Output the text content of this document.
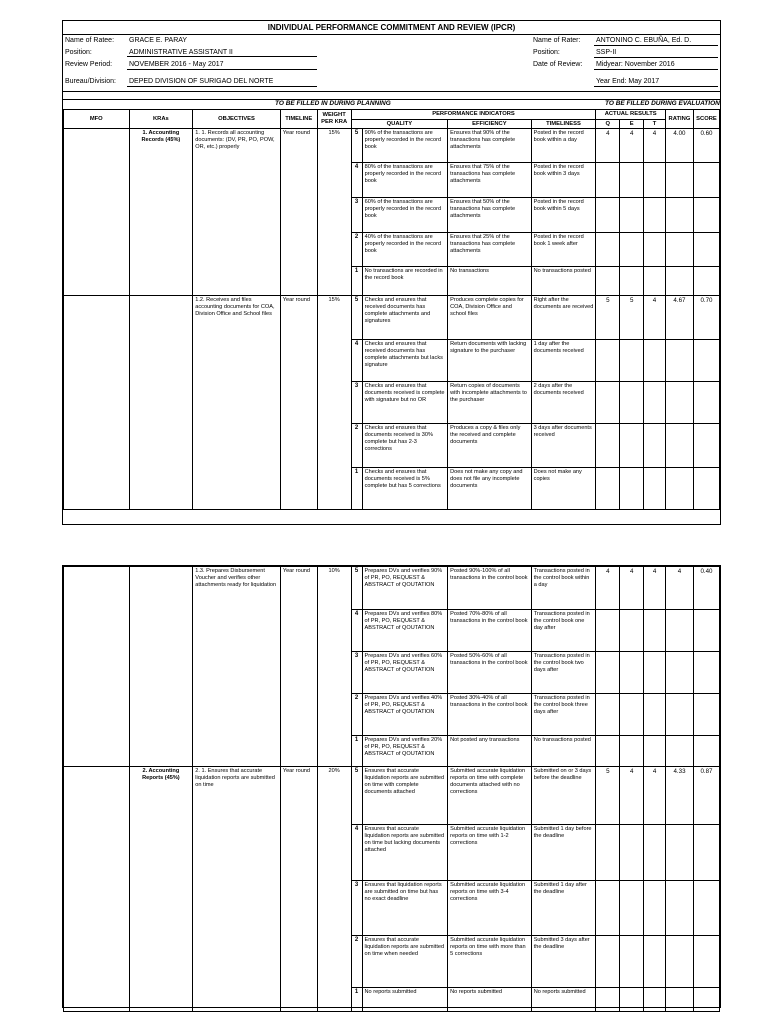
INDIVIDUAL PERFORMANCE COMMITMENT AND REVIEW (IPCR)
Name of Ratee: GRACE E. PARAY
Position:	ADMINISTRATIVE ASSISTANT II
Review Period: NOVEMBER 2016 - May 2017
Bureau/Division: DEPED DIVISION OF SURIGAO DEL NORTE
Name of Rater: ANTONINO C. EBUÑA, Ed. D.
Position:	SSP-II
Date of Review: Midyear: November 2016
Year End: May 2017
TO BE FILLED IN DURING PLANNING	TO BE FILLED DURING EVALUATION
MFO	KRAs	OBJECTIVES	TIMELINE	WEIGHT PER KRA	PERFORMANCE INDICATORS				ACTUAL RESULTS			RATING	SCORE
					QUALITY		EFFICIENCY	TIMELINESS	Q	E	T		

	1. Accounting Records (45%)	1. 1. Records all accounting documents: (DV, PR, PO, POW, OR, etc.) properly	Year round	15%	5	90% of the transactions are properly recorded in the record book	Ensures that 90% of the transactions has complete attachments	Posted in the record book within a day	4	4	4	4.00	0.60
					4	80% of the transactions are properly recorded in the record book	Ensures that 75% of the transactions has complete attachments	Posted in the record book within 3 days					
					3	60% of the transactions are properly recorded in the record book	Ensures that 50% of the transactions has complete attachments	Posted in the record book within 5 days					
					2	40% of the transactions are properly recorded in the record book	Ensures that 25% of the transactions has complete attachments	Posted in the record book 1 week after					
					1	No transactions are recorded in the record book	No transactions	No transactions posted					
		1.2. Receives and files accounting documents for COA, Division Office and School files	Year round	15%	5	Checks and ensures that received documents has complete attachments and signatures	Produces complete copies for COA, Division Office and school files	Right after the documents are received	5	5	4	4.67	0.70
					4	Checks and ensures that received documents has complete attachments but lacks signature	Return documents with lacking signature to the purchaser	1 day after the documents received					
					3	Checks and ensures that documents received is complete with signature but no OR	Return copies of documents with incomplete attachments to the purchaser	2 days after the documents received					
					2	Checks and ensures that documents received is 30% complete but has 2-3 corrections	Produces a copy & files only the received and complete documents	3 days after documents received					
					1	Checks and ensures that documents received is 5% complete but has 5 corrections	Does not make any copy and does not file any incomplete documents	Does not make any copies					
		1.3. Prepares Disbursement Voucher and verifies other attachments ready for liquidation	Year round	10%	5	Prepares DVs and verifies 90% of PR, PO, REQUEST & ABSTRACT of QOUTATION	Posted 90%-100% of all transactions in the control book	Transactions posted in the control book within a day	4	4	4	4	0.40
					4	Prepares DVs and verifies 80% of PR, PO, REQUEST & ABSTRACT of QOUTATION	Posted 70%-80% of all transactions in the control book	Transactions posted in the control book one day after					
					3	Prepares DVs and verifies 60% of PR, PO, REQUEST & ABSTRACT of QOUTATION	Posted 50%-60% of all transactions in the control book	Transactions posted in the control book two days after					
					2	Prepares DVs and verifies 40% of PR, PO, REQUEST & ABSTRACT of QOUTATION	Posted 30%-40% of all transactions in the control book	Transactions posted in the control book three days after					
					1	Prepares DVs and verifies 20% of PR, PO, REQUEST & ABSTRACT of QOUTATION	Not posted any transactions	No transactions posted					
	2. Accounting Reports (45%)	2. 1. Ensures that accurate liquidation reports are submitted on time	Year round	20%	5	Ensures that accurate liquidation reports are submitted on time with complete documents attached	Submitted accurate liquidation reports on time with complete documents attached with no corrections	Submitted on or 3 days before the deadline	5	4	4	4.33	0.87
					4	Ensures that accurate liquidation reports are submitted on time but lacking documents attached	Submitted accurate liquidation reports on time with 1-2 corrections	Submitted 1 day before the deadline					
					3	Ensures that liquidation reports are submitted on time but has no exact deadline	Submitted accurate liquidation reports on time with 3-4 corrections	Submitted 1 day after the deadline					
					2	Ensures that accurate liquidation reports are submitted on time when needed	Submitted accurate liquidation reports on time with more than 5 corrections	Submitted 3 days after the deadline					
					1	No reports submitted	No reports submitted	No reports submitted					
